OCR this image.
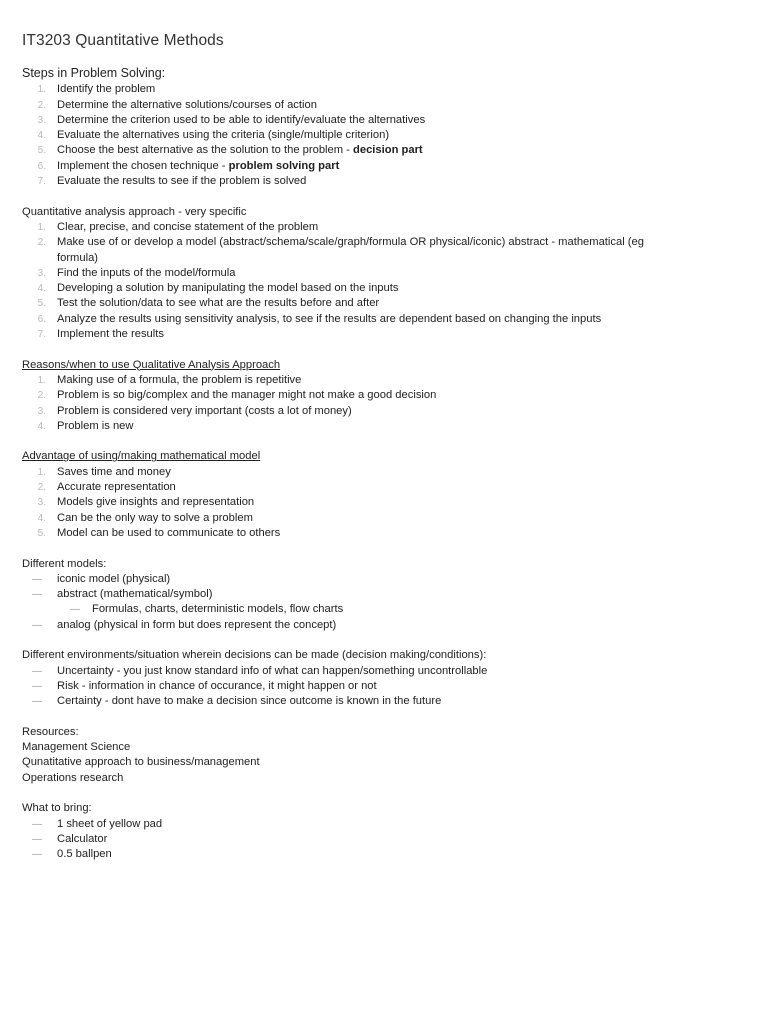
IT3203 Quantitative Methods
Steps in Problem Solving:
1. Identify the problem
2. Determine the alternative solutions/courses of action
3. Determine the criterion used to be able to identify/evaluate the alternatives
4. Evaluate the alternatives using the criteria (single/multiple criterion)
5. Choose the best alternative as the solution to the problem - decision part
6. Implement the chosen technique - problem solving part
7. Evaluate the results to see if the problem is solved
Quantitative analysis approach - very specific
1. Clear, precise, and concise statement of the problem
2. Make use of or develop a model (abstract/schema/scale/graph/formula OR physical/iconic) abstract - mathematical (eg
formula)
3. Find the inputs of the model/formula
4. Developing a solution by manipulating the model based on the inputs
5. Test the solution/data to see what are the results before and after
6. Analyze the results using sensitivity analysis, to see if the results are dependent based on changing the inputs
7. Implement the results
Reasons/when to use Qualitative Analysis Approach
1. Making use of a formula, the problem is repetitive
2. Problem is so big/complex and the manager might not make a good decision
3. Problem is considered very important (costs a lot of money)
4. Problem is new
Advantage of using/making mathematical model
1. Saves time and money
2. Accurate representation
3. Models give insights and representation
4. Can be the only way to solve a problem
5. Model can be used to communicate to others
Different models:
— iconic model (physical)
— abstract (mathematical/symbol)
— Formulas, charts, deterministic models, flow charts
— analog (physical in form but does represent the concept)
Different environments/situation wherein decisions can be made (decision making/conditions):
— Uncertainty - you just know standard info of what can happen/something uncontrollable
— Risk - information in chance of occurance, it might happen or not
— Certainty - dont have to make a decision since outcome is known in the future
Resources:
Management Science
Qunatitative approach to business/management
Operations research
What to bring:
— 1 sheet of yellow pad
— Calculator
— 0.5 ballpen
